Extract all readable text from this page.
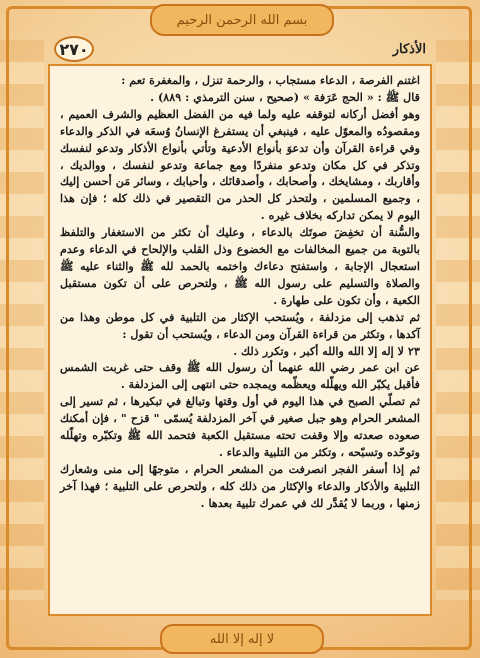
بسم الله الرحمن الرحيم
الأذكار
٢٧٠

اغتنم الفرصة ، الدعاء مستجاب ، والرحمة تنزل ، والمغفرة تعم :

قال ﷺ : « الحج عَرَفة » (صحيح ، سنن الترمذي : ٨٨٩) .

وهو أفضل أركانه لتوقفه عليه ولما فيه من الفضل العظيم والشرف العميم ، ومقصودُه والمعوّل عليه ، فينبغي أن يستفرغ الإنسانُ وُسعَه في الذكر والدعاء وفي قراءة القرآن وأن تدعوَ بأنواع الأدعية وتأتي بأنواع الأذكار وتدعو لنفسك وتذكر في كل مكان وتدعو منفردًا ومع جماعة وتدعو لنفسك ، ووالديك ، وأقاربك ، ومشايخك ، وأصحابك ، وأصدقائك ، وأحبابك ، وسائر مَن أحسن إليك ، وجميع المسلمين ، ولتحذر كل الحذر من التقصير في ذلك كله ؛ فإن هذا اليوم لا يمكن تداركه بخلاف غيره .

والسُّنة أن تخفِضَ صوتَك بالدعاء ، وعليك أن تكثر من الاستغفار والتلفظ بالتوبة من جميع المخالفات مع الخضوع وذل القلب والإلحاح في الدعاء وعدم استعجال الإجابة ، واستفتح دعاءك واختمه بالحمد لله ﷺ والثناء عليه ﷺ والصلاة والتسليم على رسول الله ﷺ ، ولتحرص على أن تكون مستقبل الكعبة ، وأن تكون على طهارة .

ثم تذهب إلى مزدلفة ، ويُستحب الإكثار من التلبية في كل موطن وهذا من آكدها ، وتكثر من قراءة القرآن ومن الدعاء ، ويُستحب أن تقول :

٢٣ لا إله إلا الله والله أكبر ، وتكرر ذلك .

عن ابن عمر رضي الله عنهما أن رسول الله ﷺ وقف حتى غربت الشمس فأقبل يكبّر الله ويهلّله ويعظّمه ويمجده حتى انتهى إلى المزدلفة .

ثم تصلّي الصبح في هذا اليوم في أول وقتها وتبالغ في تبكيرها ، ثم تسير إلى المشعر الحرام وهو جبل صغير في آخر المزدلفة يُسمّى " قزح " ، فإن أمكنك صعوده صعدته وإلا وقفت تحته مستقبل الكعبة فتحمد الله ﷺ وتكبّره وتهلّله وتوحّده وتسبّحه ، وتكثر من التلبية والدعاء .

ثم إذا أسفر الفجر انصرفت من المشعر الحرام ، متوجهًا إلى منى وشعارك التلبية والأذكار والدعاء والإكثار من ذلك كله ، ولتحرص على التلبية ؛ فهذا آخر زمنها ، وربما لا يُقدَّر لك في عمرك تلبية بعدها .

لا إله إلا الله
